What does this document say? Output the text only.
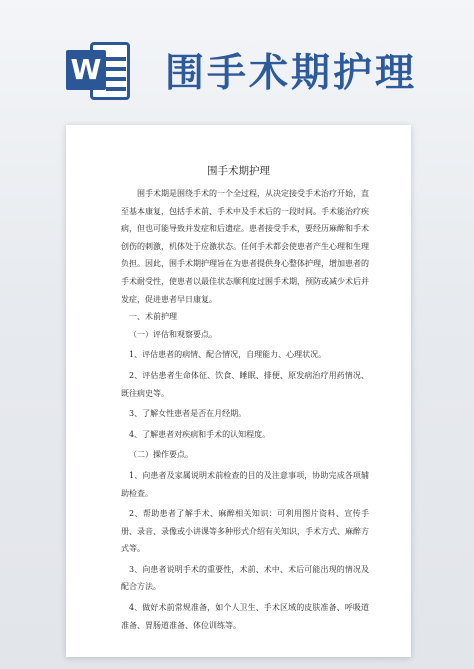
W 围手术期护理
围手术期护理

围手术期是围绕手术的一个全过程，从决定接受手术治疗开始，直至基本康复，包括手术前、手术中及手术后的一段时间。手术能治疗疾病，但也可能导致并发症和后遗症。患者接受手术，要经历麻醉和手术创伤的刺激，机体处于应激状态。任何手术都会使患者产生心理和生理负担。因此，围手术期护理旨在为患者提供身心整体护理，增加患者的手术耐受性，使患者以最佳状态顺利度过围手术期，预防或减少术后并发症，促进患者早日康复。

一、术前护理

（一）评估和观察要点。

1、评估患者的病情、配合情况，自理能力、心理状况。

2、评估患者生命体征、饮食、睡眠、排便、原发病治疗用药情况、既往病史等。

3、了解女性患者是否在月经期。

4、了解患者对疾病和手术的认知程度。

（二）操作要点。

1、向患者及家属说明术前检查的目的及注意事项，协助完成各项辅助检查。

2、帮助患者了解手术、麻醉相关知识：可利用图片资料、宣传手册、录音、录像或小讲课等多种形式介绍有关知识，手术方式、麻醉方式等。

3、向患者说明手术的重要性，术前、术中、术后可能出现的情况及配合方法。

4、做好术前常规准备，如个人卫生、手术区域的皮肤准备、呼吸道准备、胃肠道准备、体位训练等。
